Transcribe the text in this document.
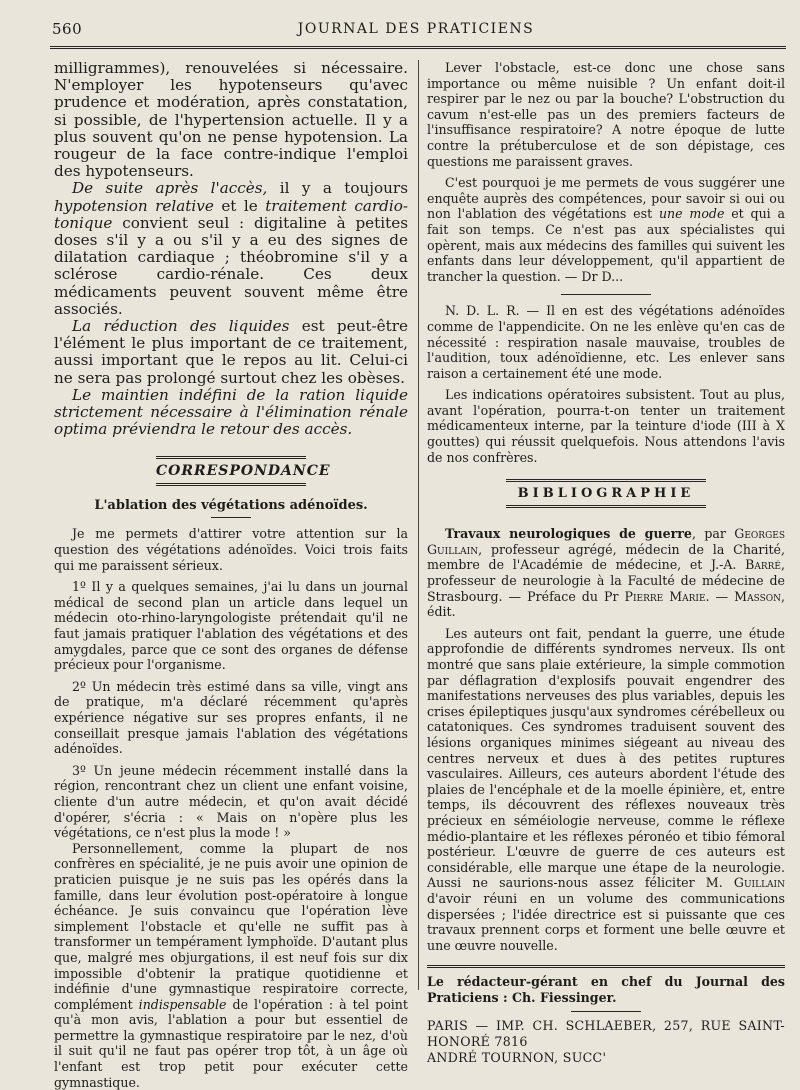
560	JOURNAL DES PRATICIENS

milligrammes), renouvelées si nécessaire. N'employer les hypotenseurs qu'avec prudence et modération, après constatation, si possible, de l'hypertension actuelle. Il y a plus souvent qu'on ne pense hypotension. La rougeur de la face contre-indique l'emploi des hypotenseurs.

De suite après l'accès, il y a toujours hypotension relative et le traitement cardio-tonique convient seul : digitaline à petites doses s'il y a ou s'il y a eu des signes de dilatation cardiaque ; théobromine s'il y a sclérose cardio-rénale. Ces deux médicaments peuvent souvent même être associés.

La réduction des liquides est peut-être l'élément le plus important de ce traitement, aussi important que le repos au lit. Celui-ci ne sera pas prolongé surtout chez les obèses.

Le maintien indéfini de la ration liquide strictement nécessaire à l'élimination rénale optima préviendra le retour des accès.

CORRESPONDANCE
L'ablation des végétations adénoïdes.

Je me permets d'attirer votre attention sur la question des végétations adénoïdes. Voici trois faits qui me paraissent sérieux.

1º Il y a quelques semaines, j'ai lu dans un journal médical de second plan un article dans lequel un médecin oto-rhino-laryngologiste prétendait qu'il ne faut jamais pratiquer l'ablation des végétations et des amygdales, parce que ce sont des organes de défense précieux pour l'organisme.

2º Un médecin très estimé dans sa ville, vingt ans de pratique, m'a déclaré récemment qu'après expérience négative sur ses propres enfants, il ne conseillait presque jamais l'ablation des végétations adénoïdes.

3º Un jeune médecin récemment installé dans la région, rencontrant chez un client une enfant voisine, cliente d'un autre médecin, et qu'on avait décidé d'opérer, s'écria : « Mais on n'opère plus les végétations, ce n'est plus la mode ! »

Personnellement, comme la plupart de nos confrères en spécialité, je ne puis avoir une opinion de praticien puisque je ne suis pas les opérés dans la famille, dans leur évolution post-opératoire à longue échéance. Je suis convaincu que l'opération lève simplement l'obstacle et qu'elle ne suffit pas à transformer un tempérament lymphoïde. D'autant plus que, malgré mes objurgations, il est neuf fois sur dix impossible d'obtenir la pratique quotidienne et indéfinie d'une gymnastique respiratoire correcte, complément indispensable de l'opération : à tel point qu'à mon avis, l'ablation a pour but essentiel de permettre la gymnastique respiratoire par le nez, d'où il suit qu'il ne faut pas opérer trop tôt, à un âge où l'enfant est trop petit pour exécuter cette gymnastique.

Lever l'obstacle, est-ce donc une chose sans importance ou même nuisible ? Un enfant doit-il respirer par le nez ou par la bouche? L'obstruction du cavum n'est-elle pas un des premiers facteurs de l'insuffisance respiratoire? A notre époque de lutte contre la prétuberculose et de son dépistage, ces questions me paraissent graves.

C'est pourquoi je me permets de vous suggérer une enquête auprès des compétences, pour savoir si oui ou non l'ablation des végétations est une mode et qui a fait son temps. Ce n'est pas aux spécialistes qui opèrent, mais aux médecins des familles qui suivent les enfants dans leur développement, qu'il appartient de trancher la question. — Dr D...

N. D. L. R. — Il en est des végétations adénoïdes comme de l'appendicite. On ne les enlève qu'en cas de nécessité : respiration nasale mauvaise, troubles de l'audition, toux adénoïdienne, etc. Les enlever sans raison a certainement été une mode.

Les indications opératoires subsistent. Tout au plus, avant l'opération, pourra-t-on tenter un traitement médicamenteux interne, par la teinture d'iode (III à X gouttes) qui réussit quelquefois. Nous attendons l'avis de nos confrères.

BIBLIOGRAPHIE

Travaux neurologiques de guerre, par Georges Guillain, professeur agrégé, médecin de la Charité, membre de l'Académie de médecine, et J.-A. Barré, professeur de neurologie à la Faculté de médecine de Strasbourg. — Préface du Pr Pierre Marie. — Masson, édit.

Les auteurs ont fait, pendant la guerre, une étude approfondie de différents syndromes nerveux. Ils ont montré que sans plaie extérieure, la simple commotion par déflagration d'explosifs pouvait engendrer des manifestations nerveuses des plus variables, depuis les crises épileptiques jusqu'aux syndromes cérébelleux ou catatoniques. Ces syndromes traduisent souvent des lésions organiques minimes siégeant au niveau des centres nerveux et dues à des petites ruptures vasculaires. Ailleurs, ces auteurs abordent l'étude des plaies de l'encéphale et de la moelle épinière, et, entre temps, ils découvrent des réflexes nouveaux très précieux en séméiologie nerveuse, comme le réflexe médio-plantaire et les réflexes péronéo et tibio fémoral postérieur. L'œuvre de guerre de ces auteurs est considérable, elle marque une étape de la neurologie. Aussi ne saurions-nous assez féliciter M. Guillain d'avoir réuni en un volume des communications dispersées ; l'idée directrice est si puissante que ces travaux prennent corps et forment une belle œuvre et une œuvre nouvelle.

Le rédacteur-gérant en chef du Journal des Praticiens : Ch. Fiessinger.

PARIS — IMP. CH. SCHLAEBER, 257, RUE SAINT-HONORÉ 7816

ANDRÉ TOURNON, SUCC'
